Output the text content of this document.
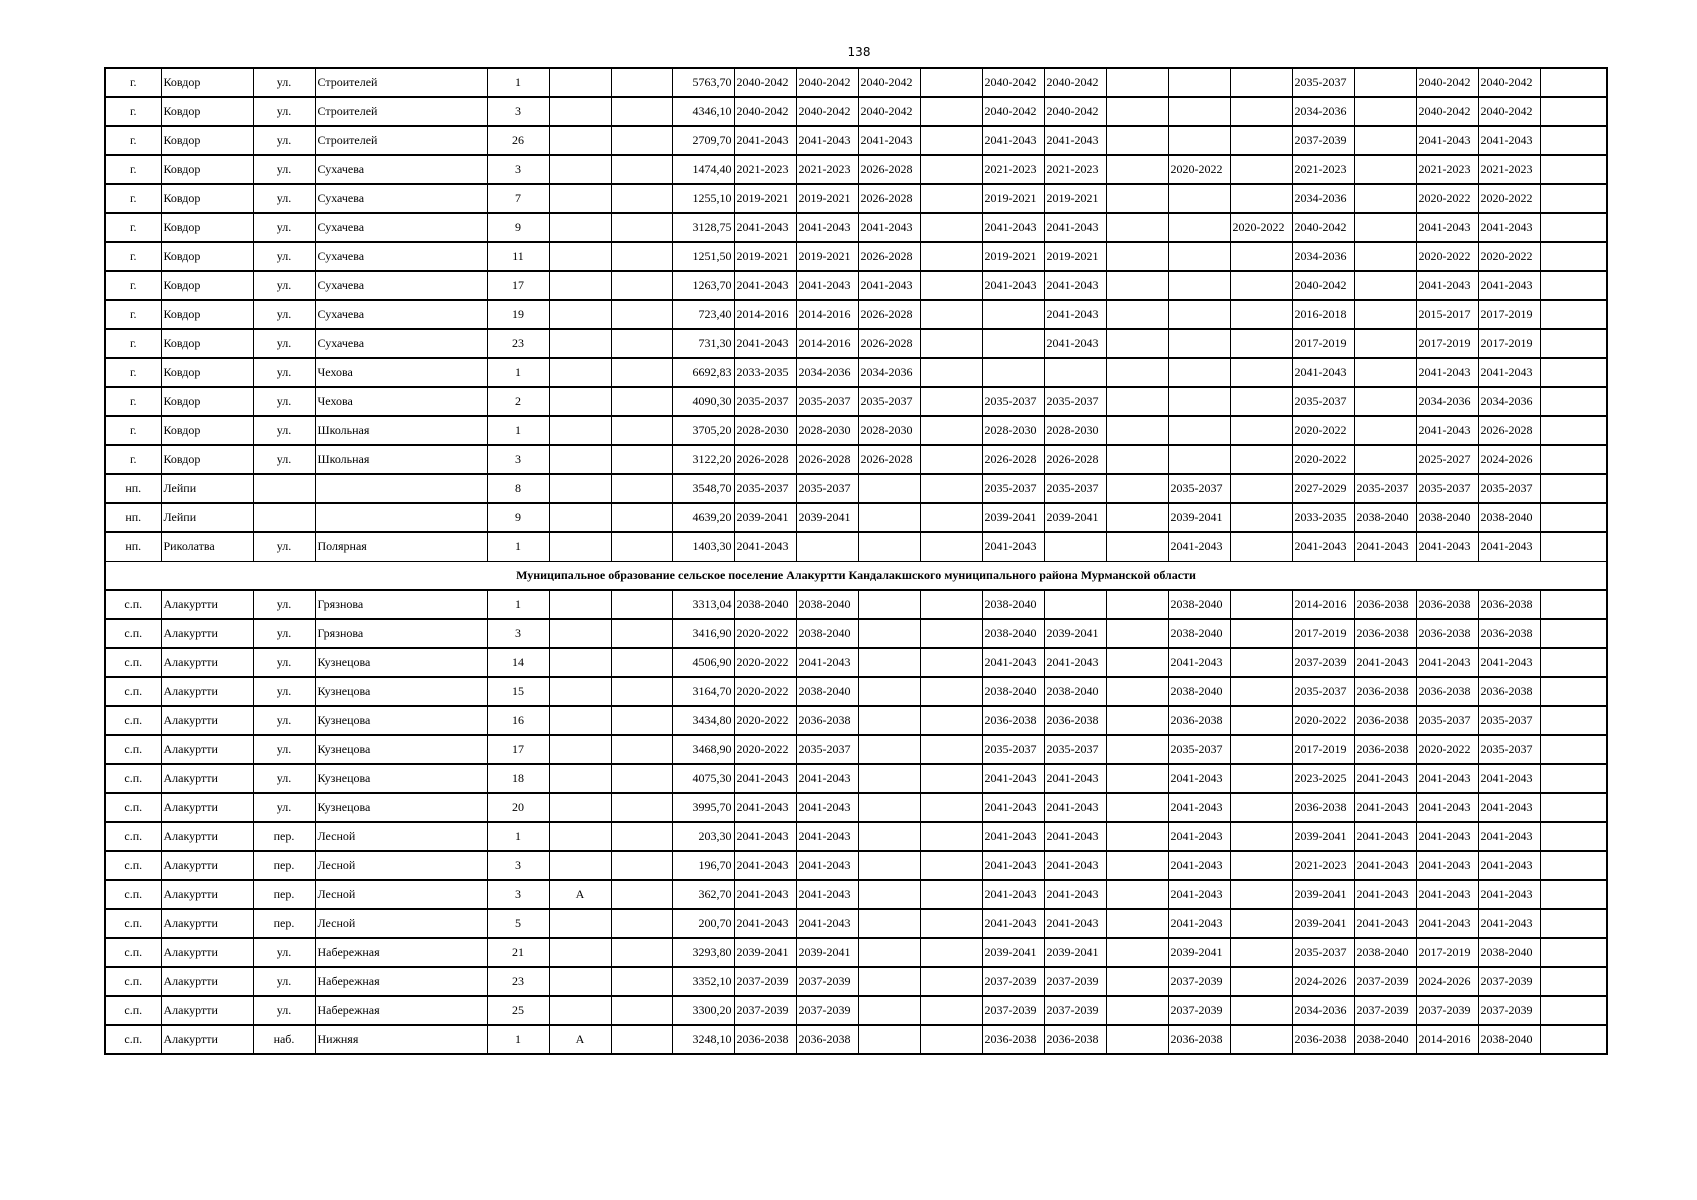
138
г.	Ковдор	ул.	Строителей	1			5763,70	2040-2042	2040-2042	2040-2042		2040-2042	2040-2042				2035-2037		2040-2042	2040-2042	
г.	Ковдор	ул.	Строителей	3			4346,10	2040-2042	2040-2042	2040-2042		2040-2042	2040-2042				2034-2036		2040-2042	2040-2042	
г.	Ковдор	ул.	Строителей	26			2709,70	2041-2043	2041-2043	2041-2043		2041-2043	2041-2043				2037-2039		2041-2043	2041-2043	
г.	Ковдор	ул.	Сухачева	3			1474,40	2021-2023	2021-2023	2026-2028		2021-2023	2021-2023		2020-2022		2021-2023		2021-2023	2021-2023	
г.	Ковдор	ул.	Сухачева	7			1255,10	2019-2021	2019-2021	2026-2028		2019-2021	2019-2021				2034-2036		2020-2022	2020-2022	
г.	Ковдор	ул.	Сухачева	9			3128,75	2041-2043	2041-2043	2041-2043		2041-2043	2041-2043			2020-2022	2040-2042		2041-2043	2041-2043	
г.	Ковдор	ул.	Сухачева	11			1251,50	2019-2021	2019-2021	2026-2028		2019-2021	2019-2021				2034-2036		2020-2022	2020-2022	
г.	Ковдор	ул.	Сухачева	17			1263,70	2041-2043	2041-2043	2041-2043		2041-2043	2041-2043				2040-2042		2041-2043	2041-2043	
г.	Ковдор	ул.	Сухачева	19			723,40	2014-2016	2014-2016	2026-2028			2041-2043				2016-2018		2015-2017	2017-2019	
г.	Ковдор	ул.	Сухачева	23			731,30	2041-2043	2014-2016	2026-2028			2041-2043				2017-2019		2017-2019	2017-2019	
г.	Ковдор	ул.	Чехова	1			6692,83	2033-2035	2034-2036	2034-2036							2041-2043		2041-2043	2041-2043	
г.	Ковдор	ул.	Чехова	2			4090,30	2035-2037	2035-2037	2035-2037		2035-2037	2035-2037				2035-2037		2034-2036	2034-2036	
г.	Ковдор	ул.	Школьная	1			3705,20	2028-2030	2028-2030	2028-2030		2028-2030	2028-2030				2020-2022		2041-2043	2026-2028	
г.	Ковдор	ул.	Школьная	3			3122,20	2026-2028	2026-2028	2026-2028		2026-2028	2026-2028				2020-2022		2025-2027	2024-2026	
нп.	Лейпи			8			3548,70	2035-2037	2035-2037			2035-2037	2035-2037		2035-2037		2027-2029	2035-2037	2035-2037	2035-2037	
нп.	Лейпи			9			4639,20	2039-2041	2039-2041			2039-2041	2039-2041		2039-2041		2033-2035	2038-2040	2038-2040	2038-2040	
нп.	Риколатва	ул.	Полярная	1			1403,30	2041-2043				2041-2043			2041-2043		2041-2043	2041-2043	2041-2043	2041-2043	
Муниципальное образование сельское поселение Алакуртти Кандалакшского муниципального района Мурманской области																					
с.п.	Алакуртти	ул.	Грязнова	1			3313,04	2038-2040	2038-2040			2038-2040			2038-2040		2014-2016	2036-2038	2036-2038	2036-2038	
с.п.	Алакуртти	ул.	Грязнова	3			3416,90	2020-2022	2038-2040			2038-2040	2039-2041		2038-2040		2017-2019	2036-2038	2036-2038	2036-2038	
с.п.	Алакуртти	ул.	Кузнецова	14			4506,90	2020-2022	2041-2043			2041-2043	2041-2043		2041-2043		2037-2039	2041-2043	2041-2043	2041-2043	
с.п.	Алакуртти	ул.	Кузнецова	15			3164,70	2020-2022	2038-2040			2038-2040	2038-2040		2038-2040		2035-2037	2036-2038	2036-2038	2036-2038	
с.п.	Алакуртти	ул.	Кузнецова	16			3434,80	2020-2022	2036-2038			2036-2038	2036-2038		2036-2038		2020-2022	2036-2038	2035-2037	2035-2037	
с.п.	Алакуртти	ул.	Кузнецова	17			3468,90	2020-2022	2035-2037			2035-2037	2035-2037		2035-2037		2017-2019	2036-2038	2020-2022	2035-2037	
с.п.	Алакуртти	ул.	Кузнецова	18			4075,30	2041-2043	2041-2043			2041-2043	2041-2043		2041-2043		2023-2025	2041-2043	2041-2043	2041-2043	
с.п.	Алакуртти	ул.	Кузнецова	20			3995,70	2041-2043	2041-2043			2041-2043	2041-2043		2041-2043		2036-2038	2041-2043	2041-2043	2041-2043	
с.п.	Алакуртти	пер.	Лесной	1			203,30	2041-2043	2041-2043			2041-2043	2041-2043		2041-2043		2039-2041	2041-2043	2041-2043	2041-2043	
с.п.	Алакуртти	пер.	Лесной	3			196,70	2041-2043	2041-2043			2041-2043	2041-2043		2041-2043		2021-2023	2041-2043	2041-2043	2041-2043	
с.п.	Алакуртти	пер.	Лесной	3	А		362,70	2041-2043	2041-2043			2041-2043	2041-2043		2041-2043		2039-2041	2041-2043	2041-2043	2041-2043	
с.п.	Алакуртти	пер.	Лесной	5			200,70	2041-2043	2041-2043			2041-2043	2041-2043		2041-2043		2039-2041	2041-2043	2041-2043	2041-2043	
с.п.	Алакуртти	ул.	Набережная	21			3293,80	2039-2041	2039-2041			2039-2041	2039-2041		2039-2041		2035-2037	2038-2040	2017-2019	2038-2040	
с.п.	Алакуртти	ул.	Набережная	23			3352,10	2037-2039	2037-2039			2037-2039	2037-2039		2037-2039		2024-2026	2037-2039	2024-2026	2037-2039	
с.п.	Алакуртти	ул.	Набережная	25			3300,20	2037-2039	2037-2039			2037-2039	2037-2039		2037-2039		2034-2036	2037-2039	2037-2039	2037-2039	
с.п.	Алакуртти	наб.	Нижняя	1	А		3248,10	2036-2038	2036-2038			2036-2038	2036-2038		2036-2038		2036-2038	2038-2040	2014-2016	2038-2040	
